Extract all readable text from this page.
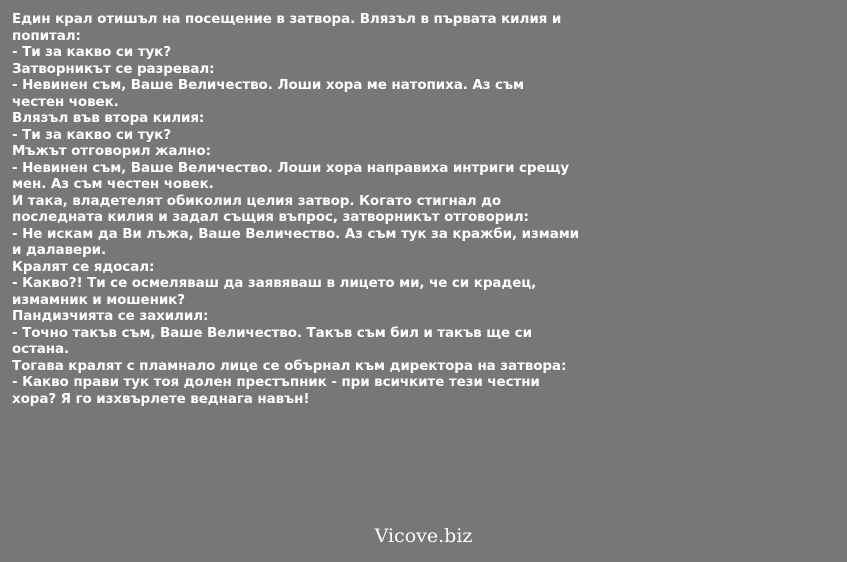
Един крал отишъл на посещение в затвора. Влязъл в първата килия и
попитал:
- Ти за какво си тук?
Затворникът се разревал:
- Невинен съм, Ваше Величество. Лоши хора ме натопиха. Аз съм
честен човек.
Влязъл във втора килия:
- Ти за какво си тук?
Мъжът отговорил жално:
- Невинен съм, Ваше Величество. Лоши хора направиха интриги срещу
мен. Аз съм честен човек.
И така, владетелят обиколил целия затвор. Когато стигнал до
последната килия и задал същия въпрос, затворникът отговорил:
- Не искам да Ви лъжа, Ваше Величество. Аз съм тук за кражби, измами
и далавери.
Кралят се ядосал:
- Какво?! Ти се осмеляваш да заявяваш в лицето ми, че си крадец,
измамник и мошеник?
Пандизчията се захилил:
- Точно такъв съм, Ваше Величество. Такъв съм бил и такъв ще си
остана.
Тогава кралят с пламнало лице се обърнал към директора на затвора:
- Какво прави тук тоя долен престъпник - при всичките тези честни
хора? Я го изхвърлете веднага навън!
Vicove.biz
